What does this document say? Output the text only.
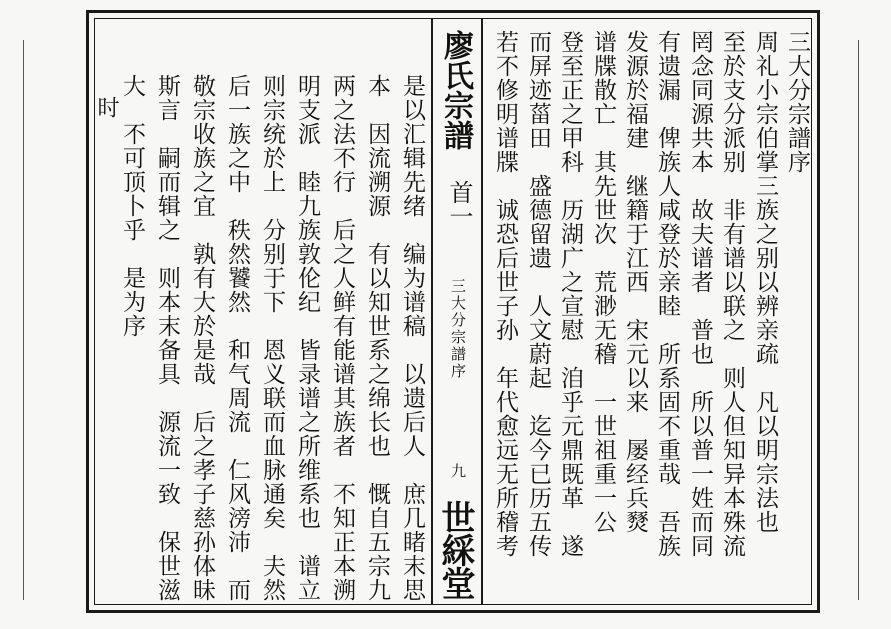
廖氏宗譜
首一
三大分宗譜序
九
世綵堂
三大分宗譜序
周礼小宗伯掌三族之别以辨亲疏　凡以明宗法也
至於支分派别　非有谱以联之　则人但知异本殊流
罔念同源共本　故夫谱者　普也　所以普一姓而同
有遗漏　俾族人咸登於亲睦　所系固不重哉　吾族
发源於福建　继籍于江西　宋元以来　屡经兵燹
谱牒散亡　其先世次　荒渺无稽　一世祖重一公
登至正之甲科　历湖广之宣慰　洎乎元鼎既革　遂
而屏迹菑田　盛德留遗　人文蔚起　迄今已历五传
是以汇辑先绪　编为谱稿　以遗后人　庶几睹末思
本　因流溯源　有以知世系之绵长也　慨自五宗九
两之法不行　后之人鲜有能谱其族者　不知正本溯
明支派　睦九族敦伦纪　皆录谱之所维系也　谱立
则宗统於上　分别于下　恩义联而血脉通矣　夫然
后一族之中　秩然饕然　和气周流　仁风滂沛　而
敬宗收族之宜　孰有大於是哉　后之孝子慈孙体昧
斯言　嗣而辑之　则本末备具　源流一致　保世滋
大　不可顶卜乎　是为序
时	若不修明谱牒　诚恐后世子孙　年代愈远无所稽考
